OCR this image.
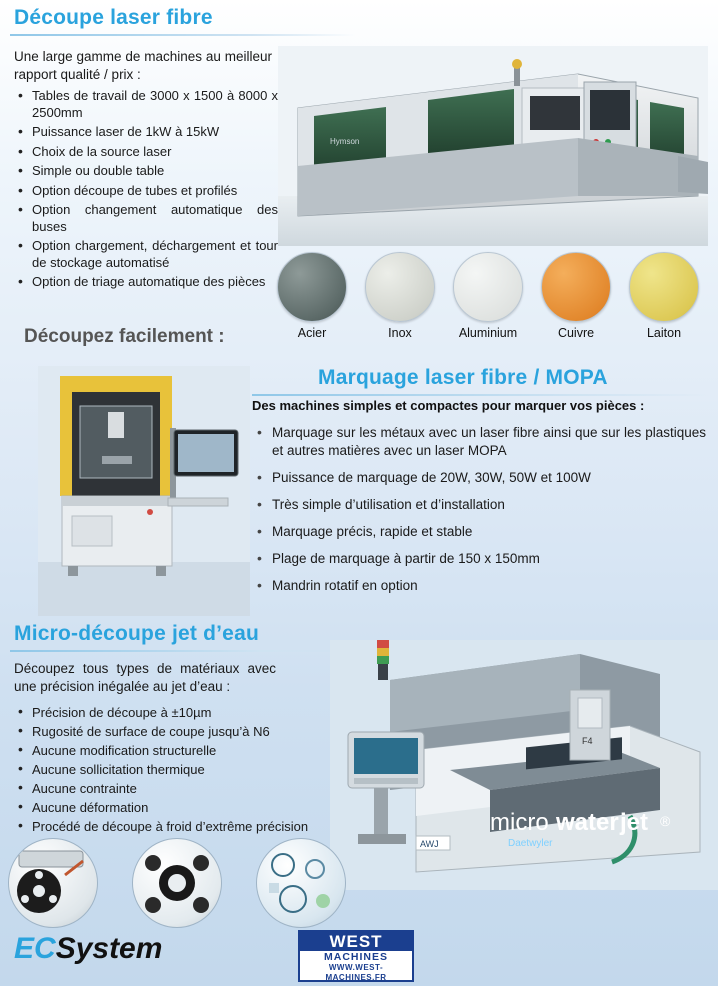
Découpe laser fibre
Une large gamme de machines au meilleur rapport qualité / prix :
• Tables de travail de 3000 x 1500 à 8000 x 2500mm
• Puissance laser de 1kW à 15kW
• Choix de la source laser
• Simple ou double table
• Option découpe de tubes et profilés
• Option changement automatique des buses
• Option chargement, déchargement et tour de stockage automatisé
• Option de triage automatique des pièces
Hymson
Acier	Inox	Aluminium	Cuivre	Laiton
Découpez facilement :
Marquage laser fibre / MOPA
Des machines simples et compactes pour marquer vos pièces :
• Marquage sur les métaux avec un laser fibre ainsi que sur les plastiques et autres matières avec un laser MOPA
• Puissance de marquage de 20W, 30W, 50W et 100W
• Très simple d’utilisation et d’installation
• Marquage précis, rapide et stable
• Plage de marquage à partir de 150 x 150mm
• Mandrin rotatif en option
Micro-découpe jet d’eau
Découpez tous types de matériaux avec une précision inégalée au jet d’eau :
• Précision de découpe à ±10µm
• Rugosité de surface de coupe jusqu’à N6
• Aucune modification structurelle
• Aucune sollicitation thermique
• Aucune contrainte
• Aucune déformation
• Procédé de découpe à froid d’extrême précision
F4
AWJ
micro water jet ®
Daetwyler
ECSystem	WEST
MACHINES
WWW.WEST-MACHINES.FR
